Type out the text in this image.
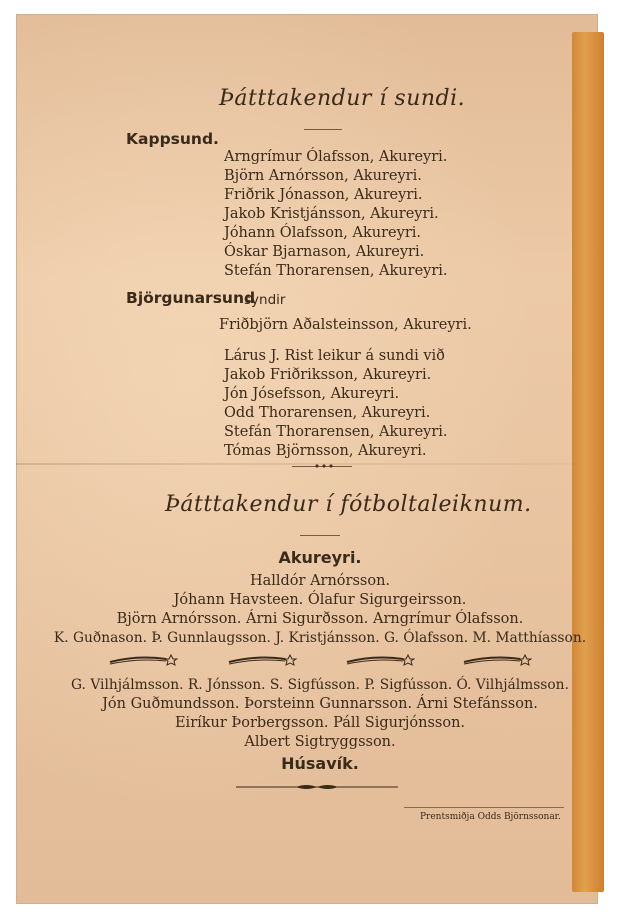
Þátttakendur í sundi.
Kappsund.
Arngrímur Ólafsson, Akureyri.
Björn Arnórsson, Akureyri.
Friðrik Jónasson, Akureyri.
Jakob Kristjánsson, Akureyri.
Jóhann Ólafsson, Akureyri.
Óskar Bjarnason, Akureyri.
Stefán Thorarensen, Akureyri.
Björgunarsund
syndir
Friðbjörn Aðalsteinsson, Akureyri.
Lárus J. Rist leikur á sundi við
Jakob Friðriksson, Akureyri.
Jón Jósefsson, Akureyri.
Odd Thorarensen, Akureyri.
Stefán Thorarensen, Akureyri.
Tómas Björnsson, Akureyri.
Þátttakendur í fótboltaleiknum.
Akureyri.
Halldór Arnórsson.
Jóhann Havsteen. Ólafur Sigurgeirsson.
Björn Arnórsson. Árni Sigurðsson. Arngrímur Ólafsson.
K. Guðnason. Þ. Gunnlaugsson. J. Kristjánsson. G. Ólafsson. M. Matthíasson.
G. Vilhjálmsson. R. Jónsson. S. Sigfússon. P. Sigfússon. Ó. Vilhjálmsson.
Jón Guðmundsson. Þorsteinn Gunnarsson. Árni Stefánsson.
Eiríkur Þorbergsson. Páll Sigurjónsson.
Albert Sigtryggsson.
Húsavík.
Prentsmiðja Odds Björnssonar.
